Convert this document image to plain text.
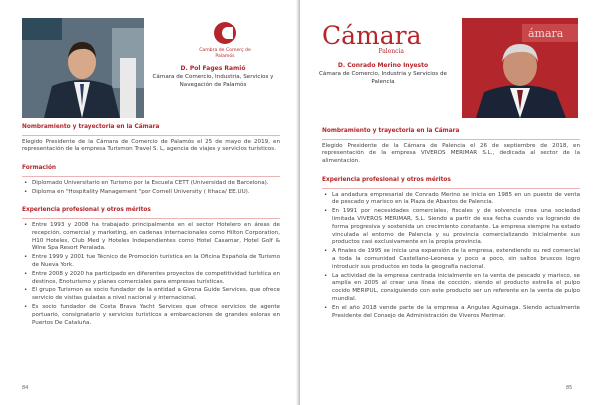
Cambra de Comerç de Palamós
D. Pol Fages Ramió
Cámara de Comercio, Industria, Servicios y Navegación de Palamós
Nombramiento y trayectoria en la Cámara

Elegido Presidente de la Cámara de Comercio de Palamós el 25 de mayo de 2019, en representación de la empresa Turismon Travel S. L, agencia de viajes y servicios turísticos.

Formación
• Diplomado Universitario en Turismo por la Escuela CETT (Universidad de Barcelona).
• Diploma en "Hospitality Management "por Cornell University ( Ithaca/ EE.UU).
Experiencia profesional y otros méritos
• Entre 1993 y 2008 ha trabajado principalmente en el sector Hotelero en áreas de recepción, comercial y marketing, en cadenas internacionales como Hilton Corporation, H10 Hoteles, Club Med y Hoteles Independientes como Hotel Casamar, Hotel Golf & Wine Spa Resort Peralada.
• Entre 1999 y 2001 fue Técnico de Promoción turística en la Oficina Española de Turismo de Nueva York.
• Entre 2008 y 2020 ha participado en diferentes proyectos de competitividad turística en destinos, Enoturismo y planes comerciales para empresas turísticas.
• El grupo Turismon es socio fundador de la entidad a Girona Guide Services, que ofrece servicio de visitas guiadas a nivel nacional y internacional.
• Es socio fundador de Costa Brava Yacht Services que ofrece servicios de agente portuario, consignatario y servicios turísticos a embarcaciones de grandes esloras en Puertos De Cataluña.
84
Cámara
Palencia
D. Conrado Merino Inyesto
Cámara de Comercio, Industria y Servicios de Palencia
ámara
Nombramiento y trayectoria en la Cámara

Elegido Presidente de la Cámara de Palencia el 26 de septiembre de 2018, en representación de la empresa VIVEROS MERIMAR S.L., dedicada al sector de la alimentación.

Experiencia profesional y otros méritos
• La andadura empresarial de Conrado Merino se inicia en 1985 en un puesto de venta de pescado y marisco en la Plaza de Abastos de Palencia.
• En 1991 por necesidades comerciales, fiscales y de solvencia crea una sociedad limitada VIVEROS MERIMAR, S.L. Siendo a partir de esa fecha cuando va logrando de forma progresiva y sostenida un crecimiento constante. La empresa siempre ha estado vinculada al entorno de Palencia y su provincia comercializando inicialmente sus productos casi exclusivamente en la propia provincia.
• A finales de 1995 se inicia una expansión de la empresa, extendiendo su red comercial a toda la comunidad Castellano-Leonesa y poco a poco, sin saltos bruscos logro introducir sus productos en toda la geografía nacional.
• La actividad de la empresa centrada inicialmente en la venta de pescado y marisco, se amplía en 2005 al crear una línea de cocción, siendo el producto estrella el pulpo cocido MERIPUL, consiguiendo con este producto ser un referente en la venta de pulpo mundial.
• En el año 2018 vende parte de la empresa a Angulas Aguinaga. Siendo actualmente Presidente del Consejo de Administración de Viveros Merimar.
85
